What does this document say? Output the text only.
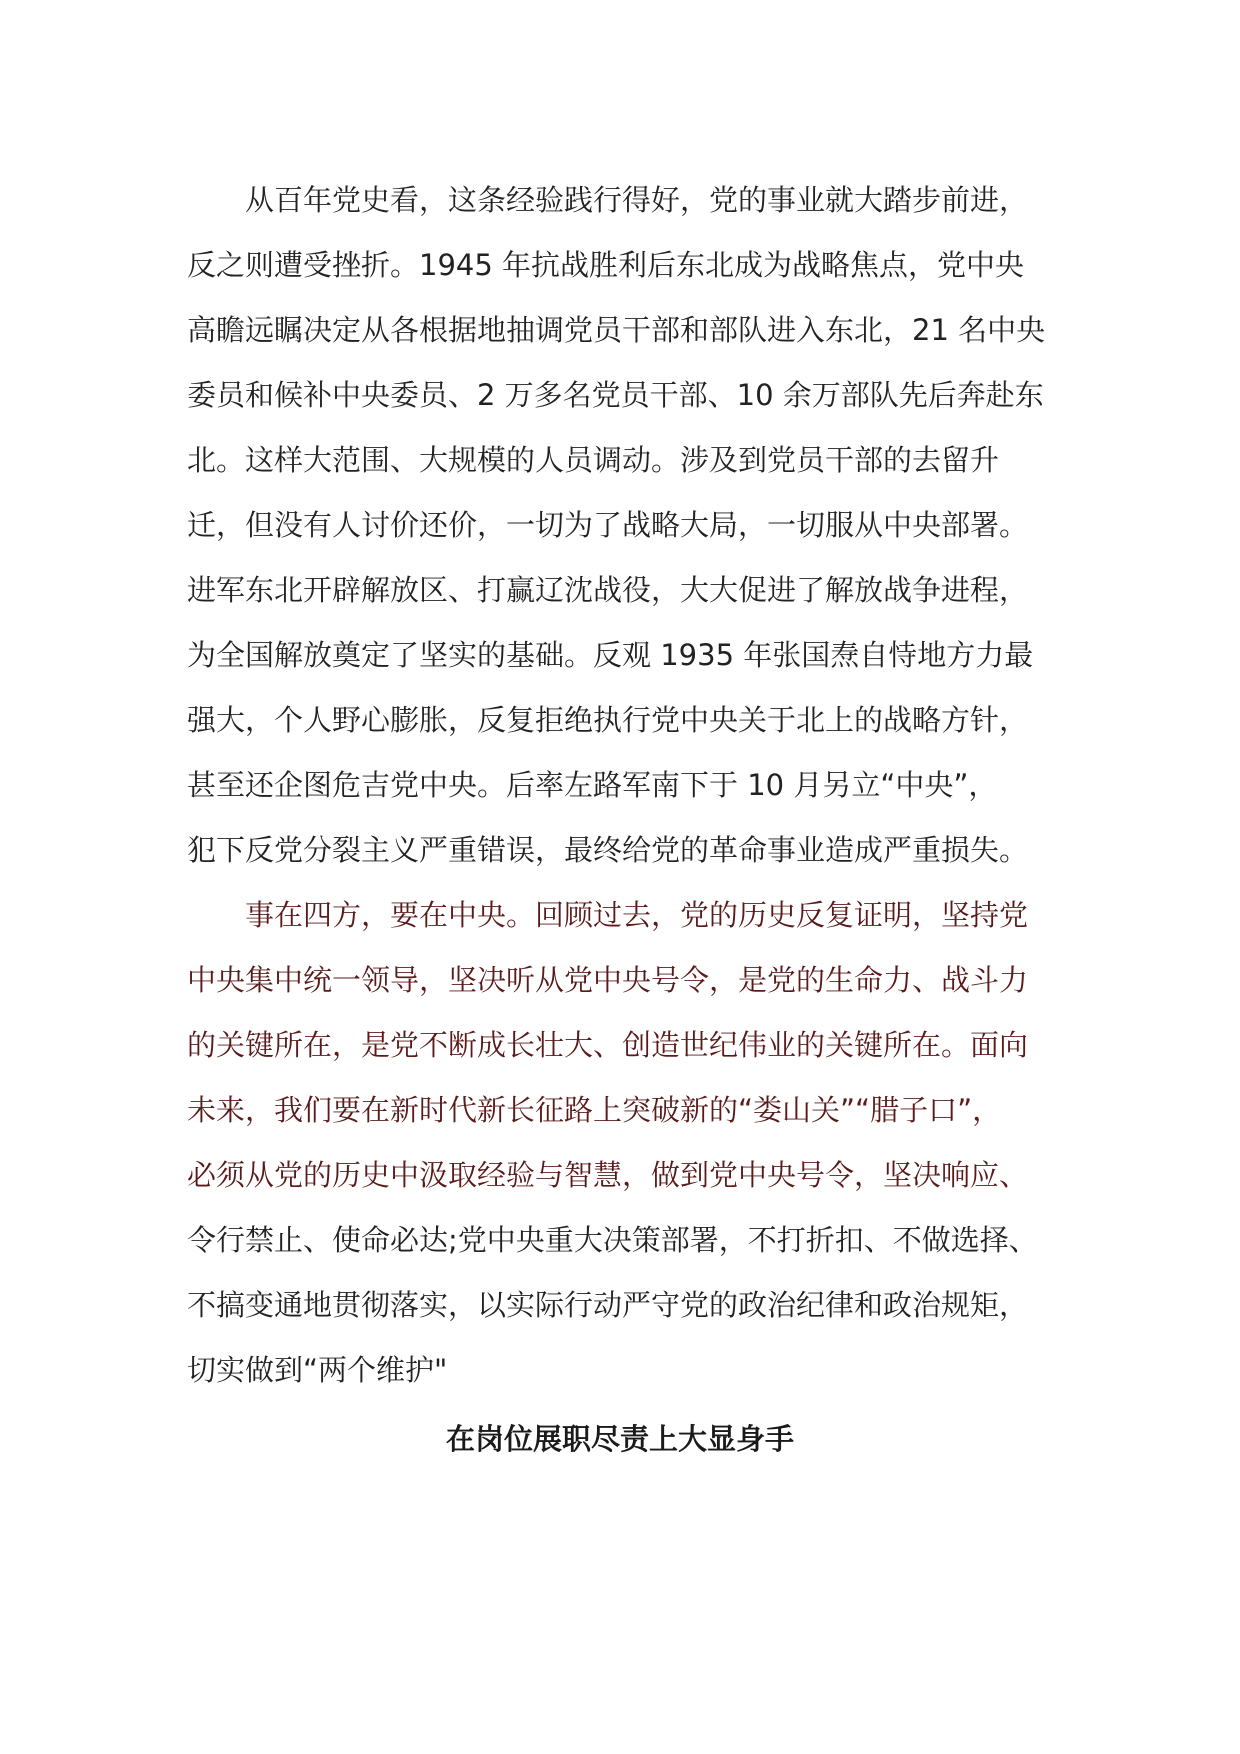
从百年党史看，这条经验践行得好，党的事业就大踏步前进，
反之则遭受挫折。1945 年抗战胜利后东北成为战略焦点，党中央
高瞻远瞩决定从各根据地抽调党员干部和部队进入东北，21 名中央
委员和候补中央委员、2 万多名党员干部、10 余万部队先后奔赴东
北。这样大范围、大规模的人员调动。涉及到党员干部的去留升
迁，但没有人讨价还价，一切为了战略大局，一切服从中央部署。
进军东北开辟解放区、打赢辽沈战役，大大促进了解放战争进程，
为全国解放奠定了坚实的基础。反观 1935 年张国焘自恃地方力最
强大，个人野心膨胀，反复拒绝执行党中央关于北上的战略方针，
甚至还企图危吉党中央。后率左路军南下于 10 月另立“中央”，
犯下反党分裂主义严重错误，最终给党的革命事业造成严重损失。
事在四方，要在中央。回顾过去，党的历史反复证明，坚持党
中央集中统一领导，坚决听从党中央号令，是党的生命力、战斗力
的关键所在，是党不断成长壮大、创造世纪伟业的关键所在。面向
未来，我们要在新时代新长征路上突破新的“娄山关”“腊子口”，
必须从党的历史中汲取经验与智慧，做到党中央号令，坚决响应、
令行禁止、使命必达;党中央重大决策部署，不打折扣、不做选择、
不搞变通地贯彻落实，以实际行动严守党的政治纪律和政治规矩，
切实做到“两个维护"
在岗位展职尽责上大显身手
